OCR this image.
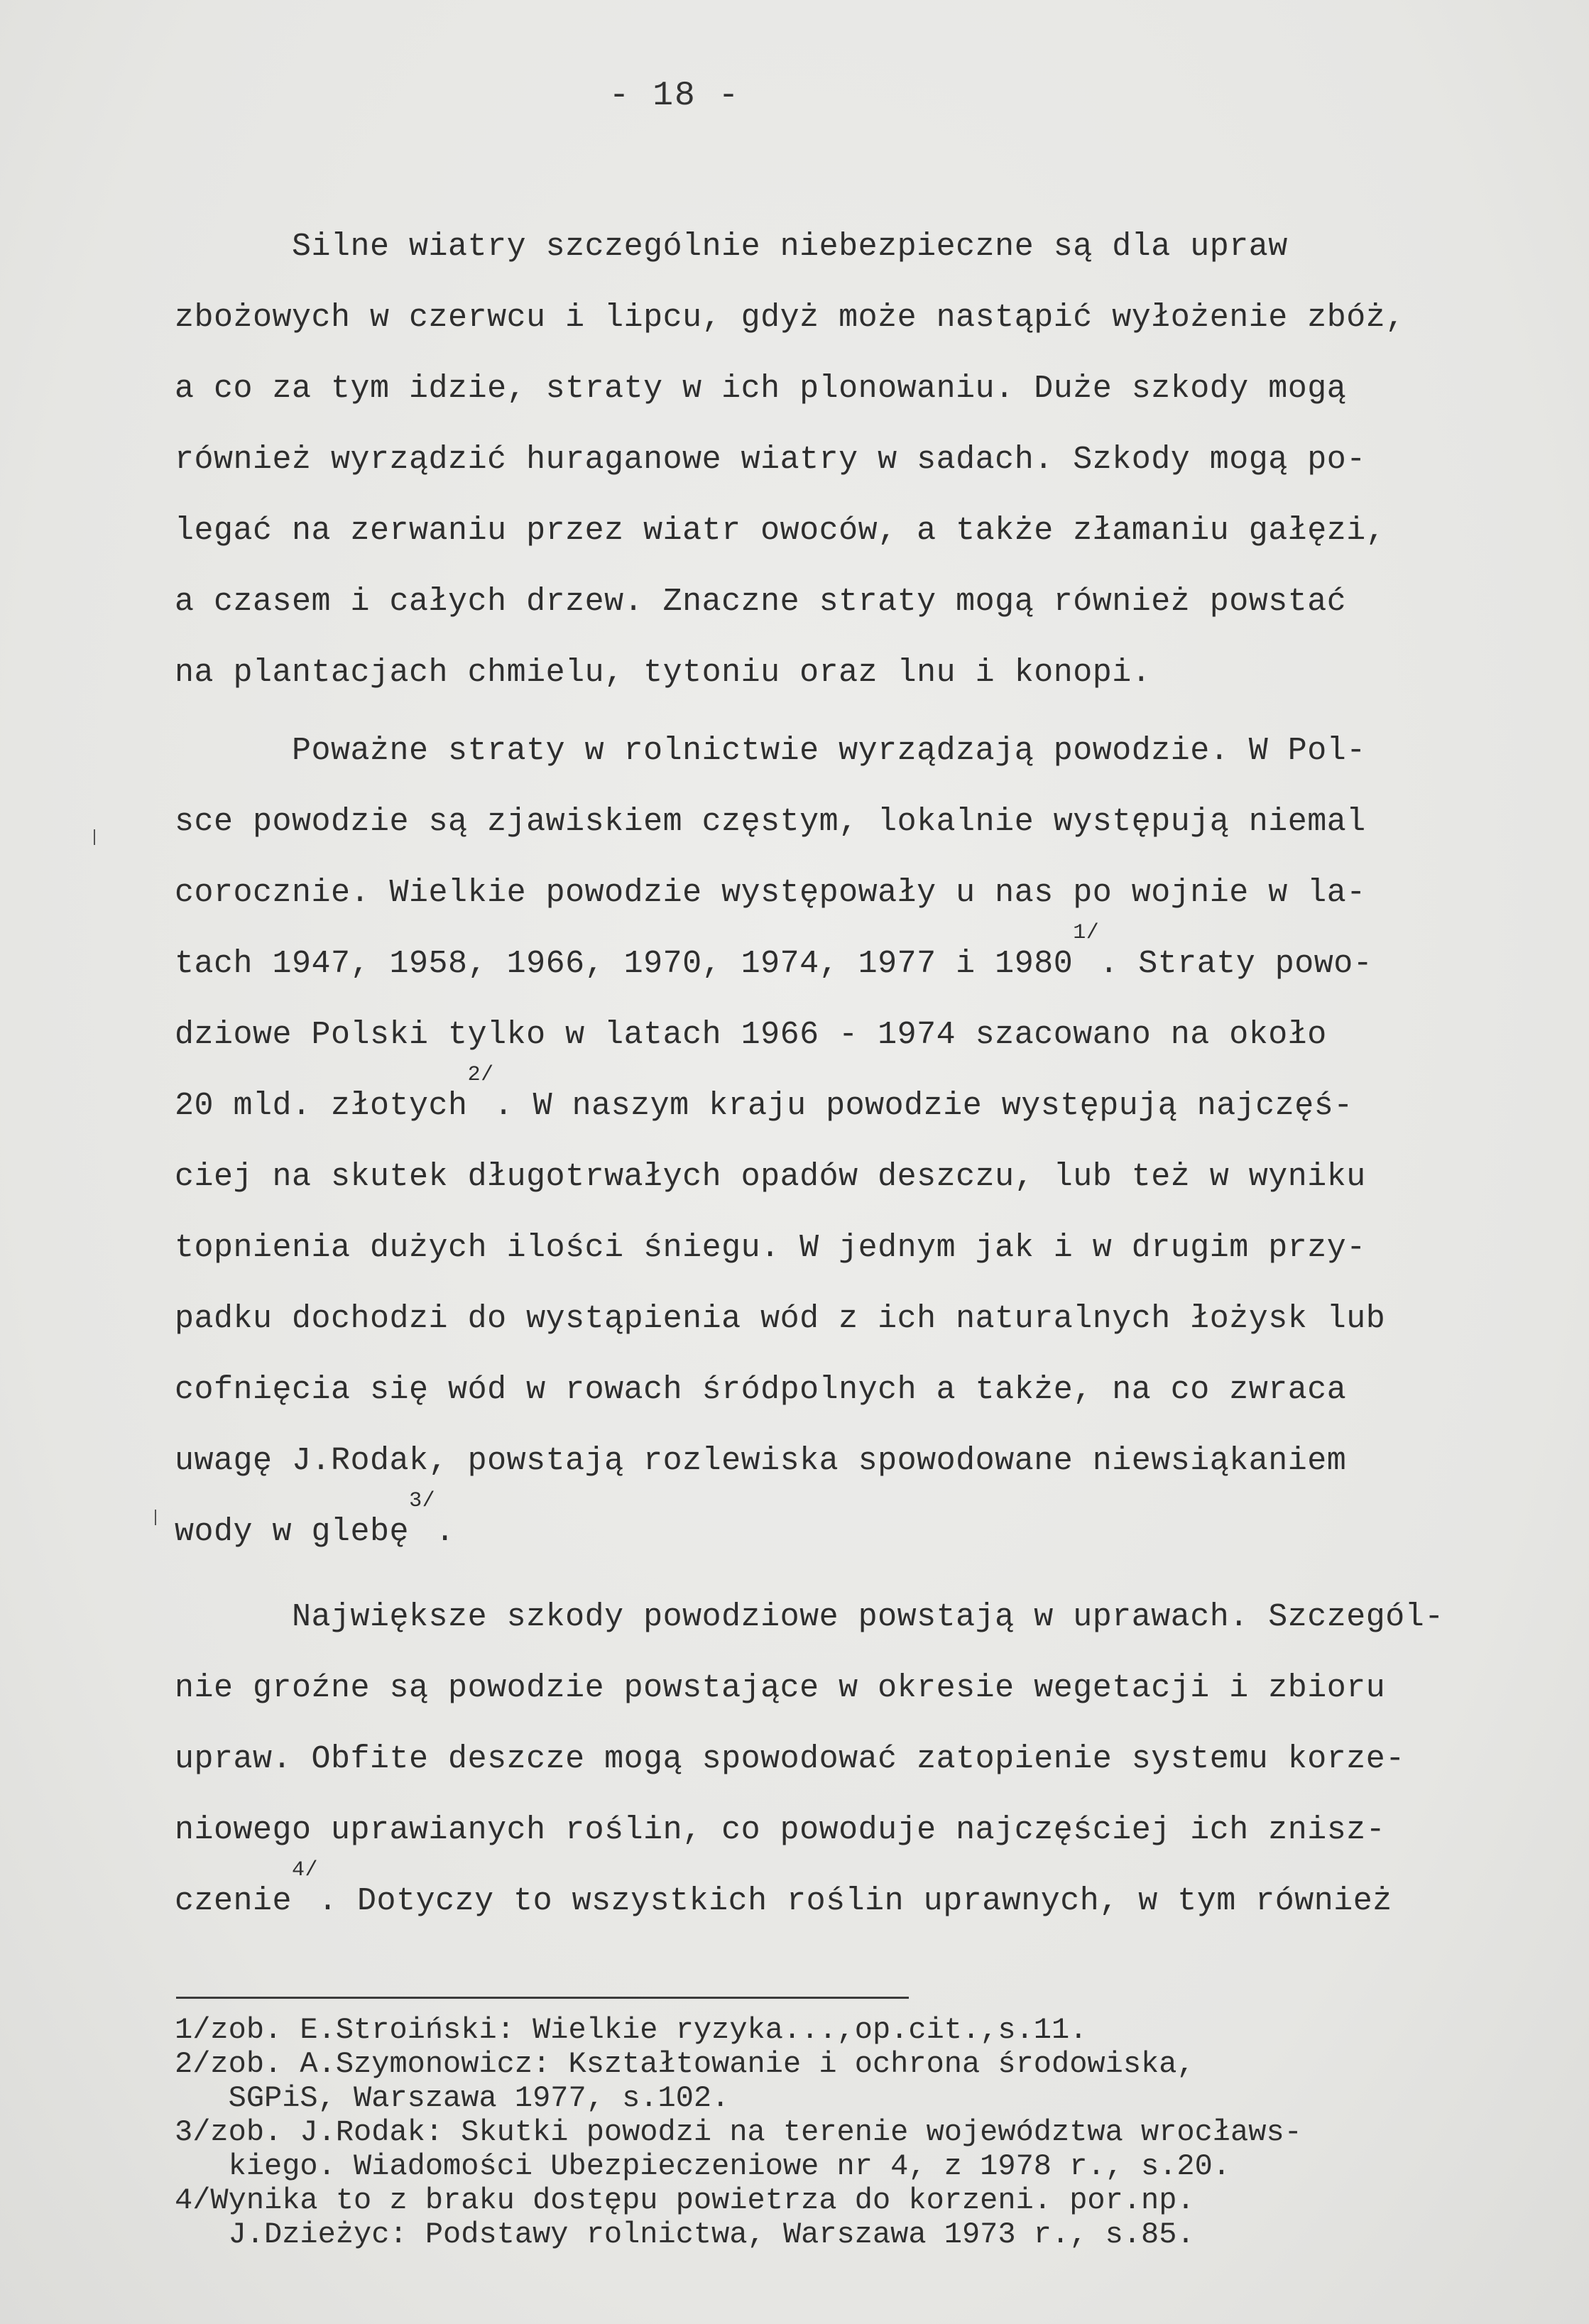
- 18 -
Silne wiatry szczególnie niebezpieczne są dla upraw
zbożowych w czerwcu i lipcu, gdyż może nastąpić wyłożenie zbóż,
a co za tym idzie, straty w ich plonowaniu. Duże szkody mogą
również wyrządzić huraganowe wiatry w sadach. Szkody mogą po-
legać na zerwaniu przez wiatr owoców, a także złamaniu gałęzi,
a czasem i całych drzew. Znaczne straty mogą również powstać
na plantacjach chmielu, tytoniu oraz lnu i konopi.
Poważne straty w rolnictwie wyrządzają powodzie. W Pol-
sce powodzie są zjawiskiem częstym, lokalnie występują niemal
corocznie. Wielkie powodzie występowały u nas po wojnie w la-
tach 1947, 1958, 1966, 1970, 1974, 1977 i $1980^{1/}$. Straty powo-
dziowe Polski tylko w latach 1966 - 1974 szacowano na około
20 mld. złotych$^{2/}$. W naszym kraju powodzie występują najczęś-
ciej na skutek długotrwałych opadów deszczu, lub też w wyniku
topnienia dużych ilości śniegu. W jednym jak i w drugim przy-
padku dochodzi do wystąpienia wód z ich naturalnych łożysk lub
cofnięcia się wód w rowach śródpolnych a także, na co zwraca
uwagę J.Rodak, powstają rozlewiska spowodowane niewsiąkaniem
wody w glebę$^{3/}$.
Największe szkody powodziowe powstają w uprawach. Szczegól-
nie groźne są powodzie powstające w okresie wegetacji i zbioru
upraw. Obfite deszcze mogą spowodować zatopienie systemu korze-
niowego uprawianych roślin, co powoduje najczęściej ich znisz-
czenie$^{4/}$. Dotyczy to wszystkich roślin uprawnych, w tym również
1/zob. E.Stroiński: Wielkie ryzyka...,op.cit.,s.11.
2/zob. A.Szymonowicz: Kształtowanie i ochrona środowiska,
SGPiS, Warszawa 1977, s.102.
3/zob. J.Rodak: Skutki powodzi na terenie województwa wrocławs-
kiego. Wiadomości Ubezpieczeniowe nr 4, z 1978 r., s.20.
4/Wynika to z braku dostępu powietrza do korzeni. por.np.
J.Dzieżyc: Podstawy rolnictwa, Warszawa 1973 r., s.85.
